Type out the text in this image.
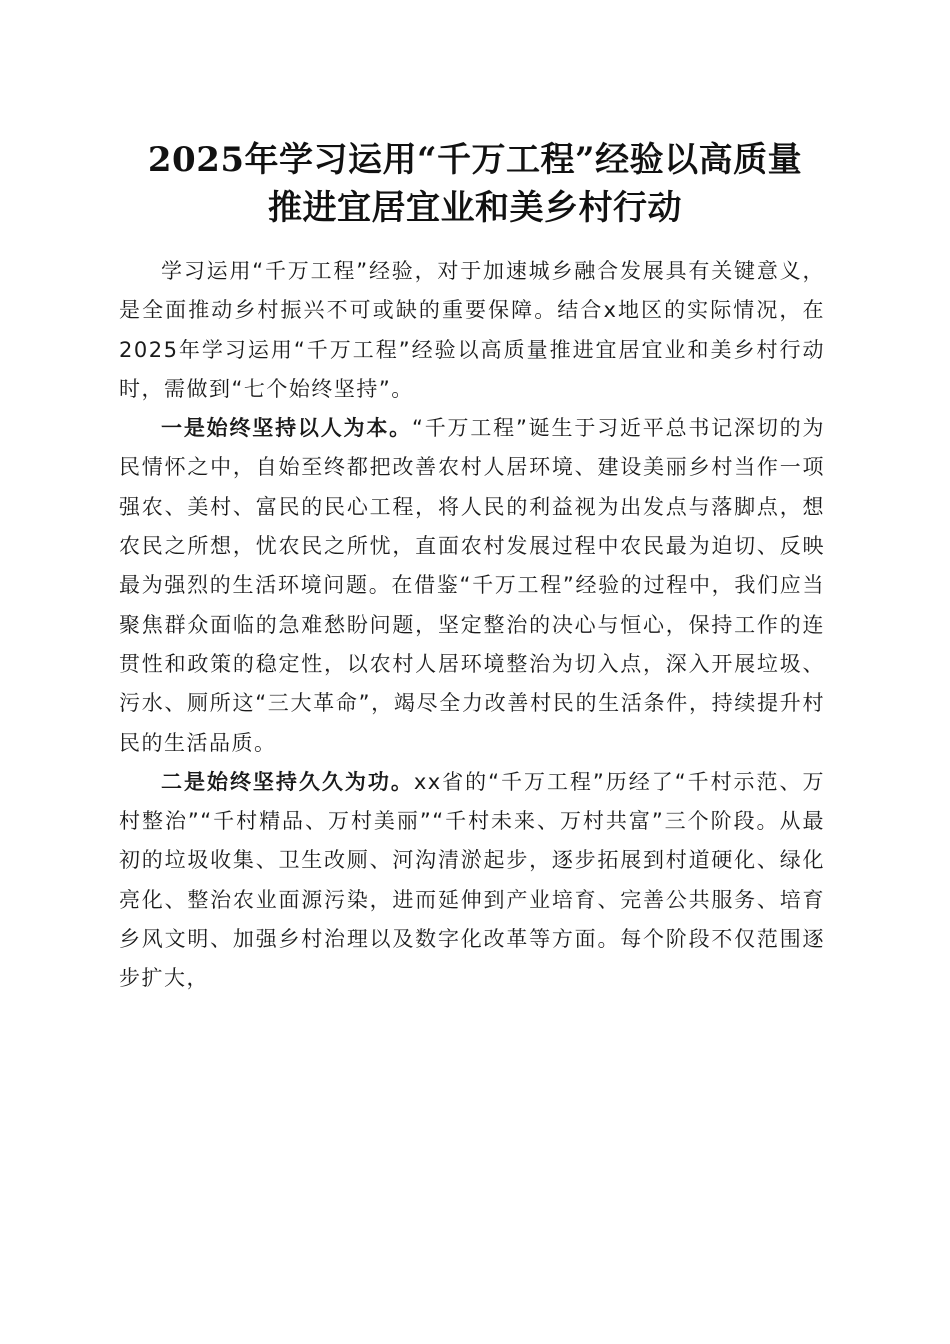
2025年学习运用“千万工程”经验以高质量
推进宜居宜业和美乡村行动

学习运用“千万工程”经验，对于加速城乡融合发展具有关键意义，是全面推动乡村振兴不可或缺的重要保障。结合x地区的实际情况，在2025年学习运用“千万工程”经验以高质量推进宜居宜业和美乡村行动时，需做到“七个始终坚持”。

一是始终坚持以人为本。“千万工程”诞生于习近平总书记深切的为民情怀之中，自始至终都把改善农村人居环境、建设美丽乡村当作一项强农、美村、富民的民心工程，将人民的利益视为出发点与落脚点，想农民之所想，忧农民之所忧，直面农村发展过程中农民最为迫切、反映最为强烈的生活环境问题。在借鉴“千万工程”经验的过程中，我们应当聚焦群众面临的急难愁盼问题，坚定整治的决心与恒心，保持工作的连贯性和政策的稳定性，以农村人居环境整治为切入点，深入开展垃圾、污水、厕所这“三大革命”，竭尽全力改善村民的生活条件，持续提升村民的生活品质。

二是始终坚持久久为功。xx省的“千万工程”历经了“千村示范、万村整治”“千村精品、万村美丽”“千村未来、万村共富”三个阶段。从最初的垃圾收集、卫生改厕、河沟清淤起步，逐步拓展到村道硬化、绿化亮化、整治农业面源污染，进而延伸到产业培育、完善公共服务、培育乡风文明、加强乡村治理以及数字化改革等方面。每个阶段不仅范围逐步扩大，
